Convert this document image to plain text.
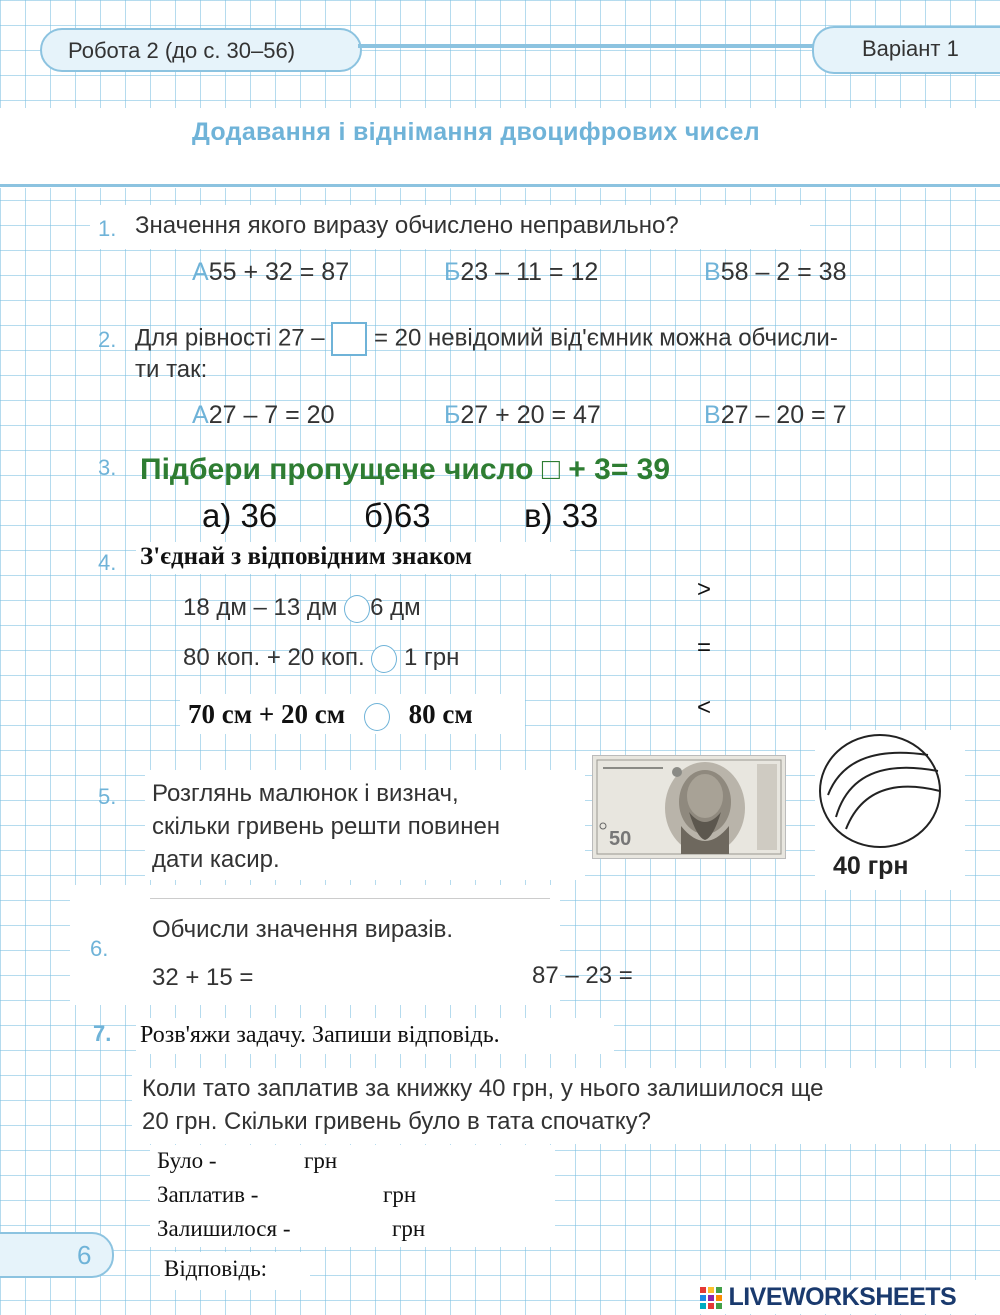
Робота 2 (до с. 30–56)	Варіант 1
Додавання і віднімання двоцифрових чисел
1. Значення якого виразу обчислено неправильно?
А55 + 32 = 87	Б23 – 11 = 12	В58 – 2 = 38
2. Для рівності 27 – = 20 невідомий від'ємник можна обчисли-
ти так:
А27 – 7 = 20	Б27 + 20 = 47	В27 – 20 = 7
3. Підбери пропущене число □ + 3= 39
а) 36	б)63	в) 33
4. З'єднай з відповідним знаком
18 дм – 13 дм 6 дм
80 коп. + 20 коп. 1 грн
70 см + 20 см 80 см
>
=
<
5. Розглянь малюнок і визнач,
скільки гривень решти повинен
дати касир.
50
40 грн
6.
Обчисли значення виразів.
32 + 15 =	87 – 23 =
7. Розв'яжи задачу. Запиши відповідь.
Коли тато заплатив за книжку 40 грн, у нього залишилося ще
20 грн. Скільки гривень було в тата спочатку?
Було -	грн
Заплатив -	грн
Залишилося -	грн
Відповідь:
6
LIVEWORKSHEETS
